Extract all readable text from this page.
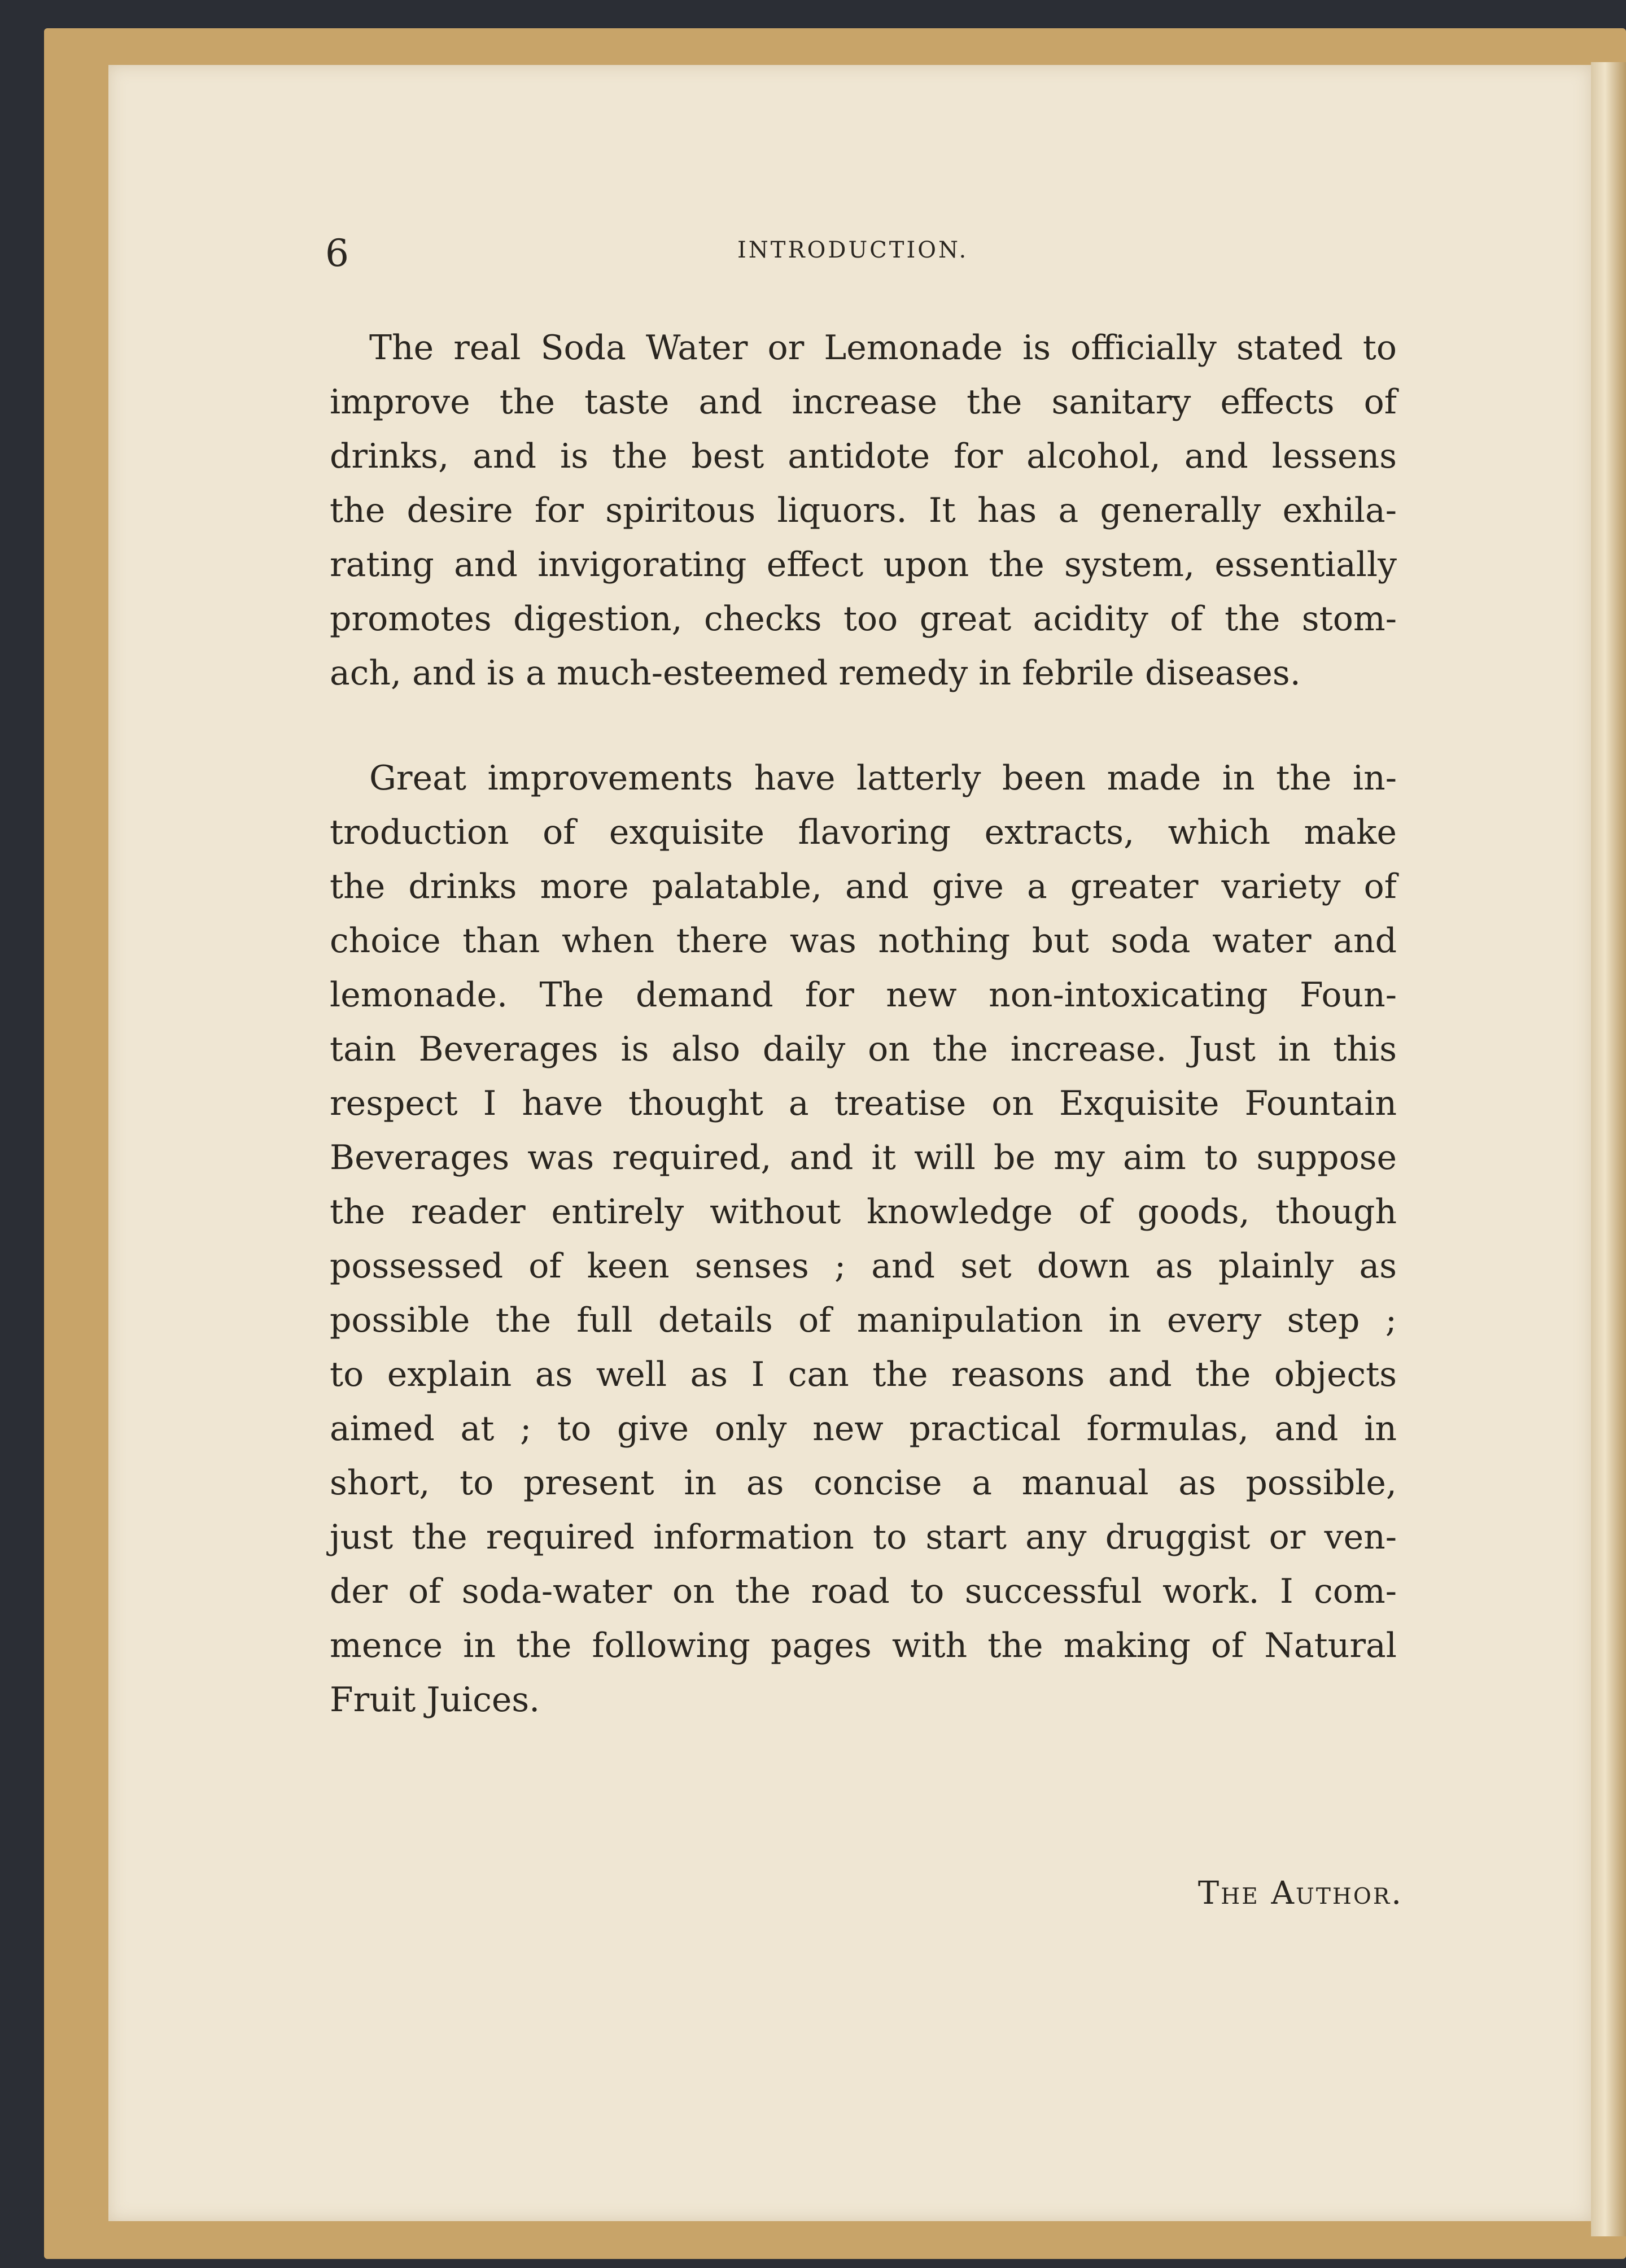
6	INTRODUCTION.
The real Soda Water or Lemonade is officially stated to
improve the taste and increase the sanitary effects of
drinks, and is the best antidote for alcohol, and lessens
the desire for spiritous liquors. It has a generally exhila-
rating and invigorating effect upon the system, essentially
promotes digestion, checks too great acidity of the stom-
ach, and is a much-esteemed remedy in febrile diseases.
Great improvements have latterly been made in the in-
troduction of exquisite flavoring extracts, which make
the drinks more palatable, and give a greater variety of
choice than when there was nothing but soda water and
lemonade. The demand for new non-intoxicating Foun-
tain Beverages is also daily on the increase. Just in this
respect I have thought a treatise on Exquisite Fountain
Beverages was required, and it will be my aim to suppose
the reader entirely without knowledge of goods, though
possessed of keen senses ; and set down as plainly as
possible the full details of manipulation in every step ;
to explain as well as I can the reasons and the objects
aimed at ; to give only new practical formulas, and in
short, to present in as concise a manual as possible,
just the required information to start any druggist or ven-
der of soda-water on the road to successful work. I com-
mence in the following pages with the making of Natural
Fruit Juices.
The Author.
